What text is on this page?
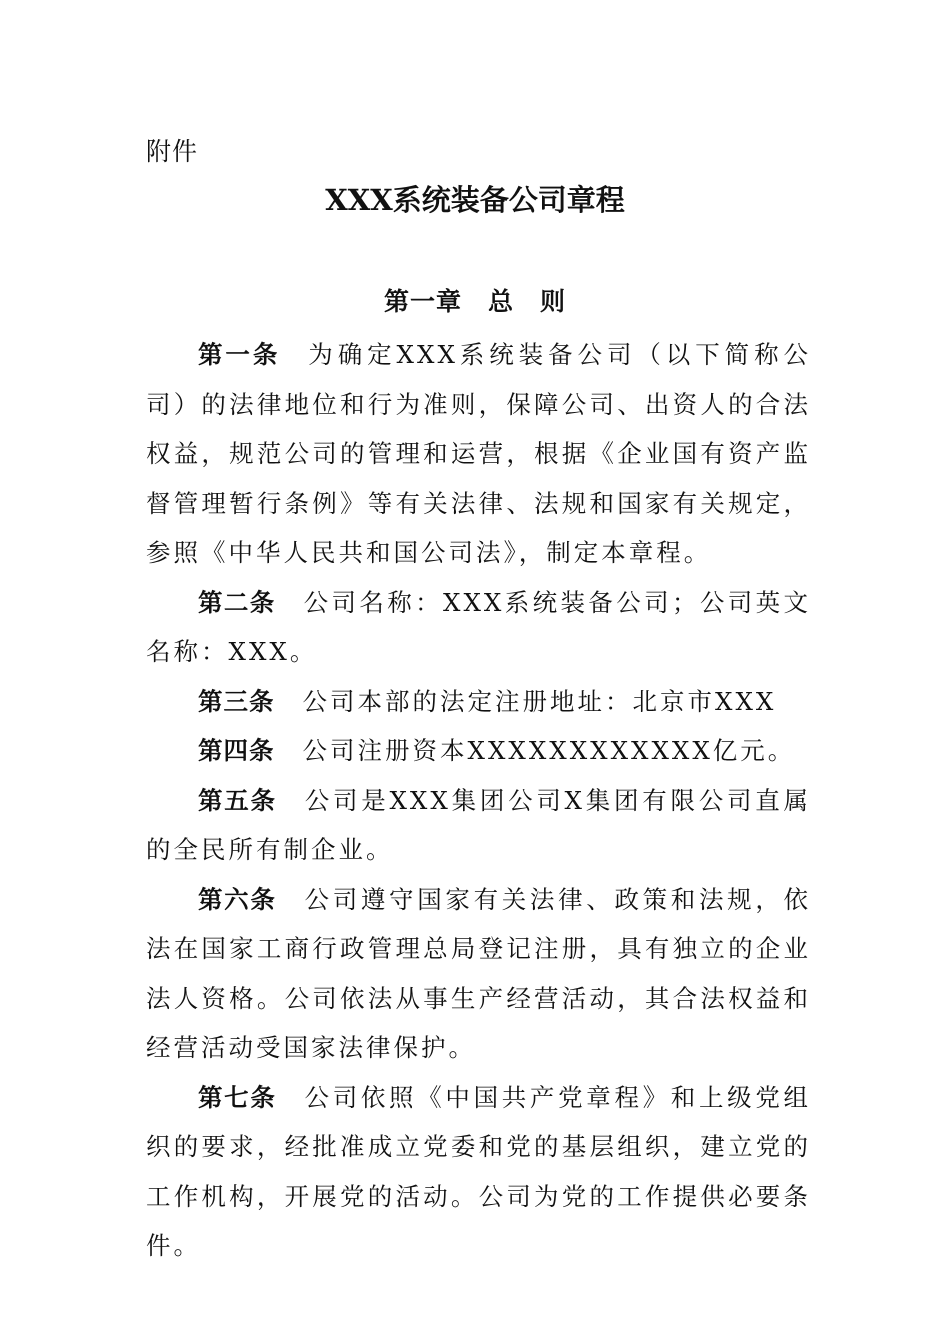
附件
XXX系统装备公司章程
第一章　总　则

第一条 为确定XXX系统装备公司（以下简称公司）的法律地位和行为准则，保障公司、出资人的合法权益，规范公司的管理和运营，根据《企业国有资产监督管理暂行条例》等有关法律、法规和国家有关规定，参照《中华人民共和国公司法》，制定本章程。

第二条 公司名称：XXX系统装备公司；公司英文名称：XXX。

第三条 公司本部的法定注册地址：北京市XXX

第四条 公司注册资本XXXXXXXXXXXX亿元。

第五条 公司是XXX集团公司X集团有限公司直属的全民所有制企业。

第六条 公司遵守国家有关法律、政策和法规，依法在国家工商行政管理总局登记注册，具有独立的企业法人资格。公司依法从事生产经营活动，其合法权益和经营活动受国家法律保护。

第七条 公司依照《中国共产党章程》和上级党组织的要求，经批准成立党委和党的基层组织，建立党的工作机构，开展党的活动。公司为党的工作提供必要条件。
